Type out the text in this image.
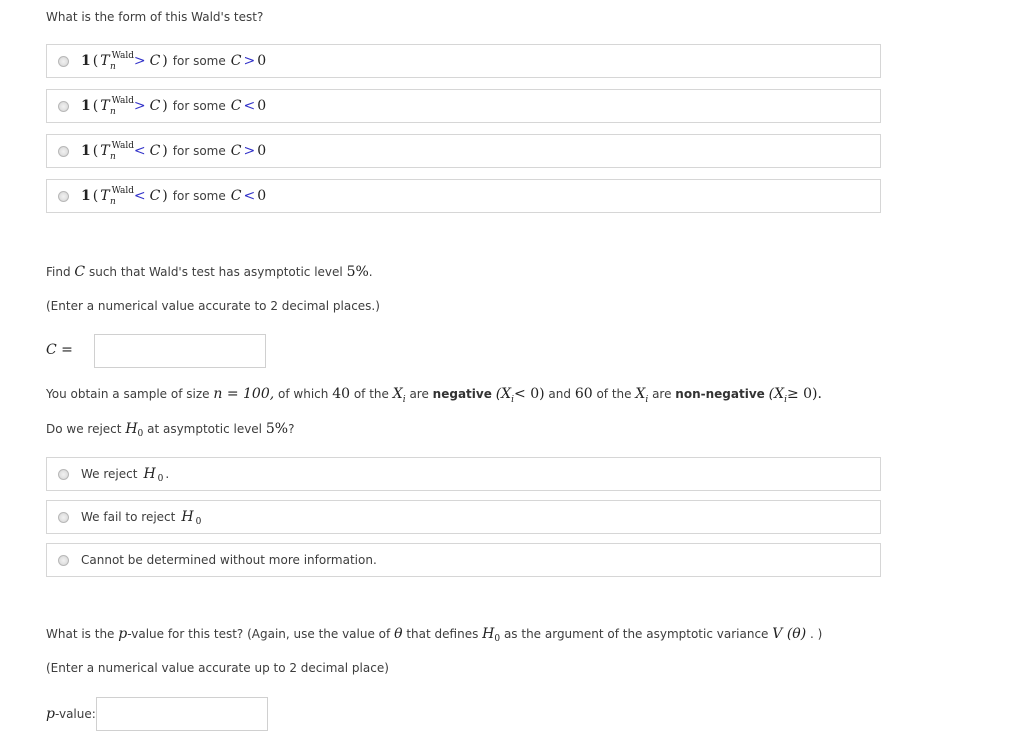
What is the form of this Wald's test?
1 ( T Wald
n > C ) for some C > 0
1 ( T Wald
n > C ) for some C < 0
1 ( T Wald
n < C ) for some C > 0
1 ( T Wald
n < C ) for some C < 0
Find C such that Wald's test has asymptotic level 5%.
(Enter a numerical value accurate to 2 decimal places.)
C =
You obtain a sample of size n = 100, of which 40 of the $X_i$ are negative $(X_i< 0)$ and 60 of the $X_i$ are non-negative $(X_i\ge 0)$.
Do we reject $H_0$ at asymptotic level 5%?
We reject H 0 .
We fail to reject H 0
Cannot be determined without more information.
What is the p-value for this test? (Again, use the value of θ that defines $H_0$ as the argument of the asymptotic variance V (θ) . )
(Enter a numerical value accurate up to 2 decimal place)
p-value:
